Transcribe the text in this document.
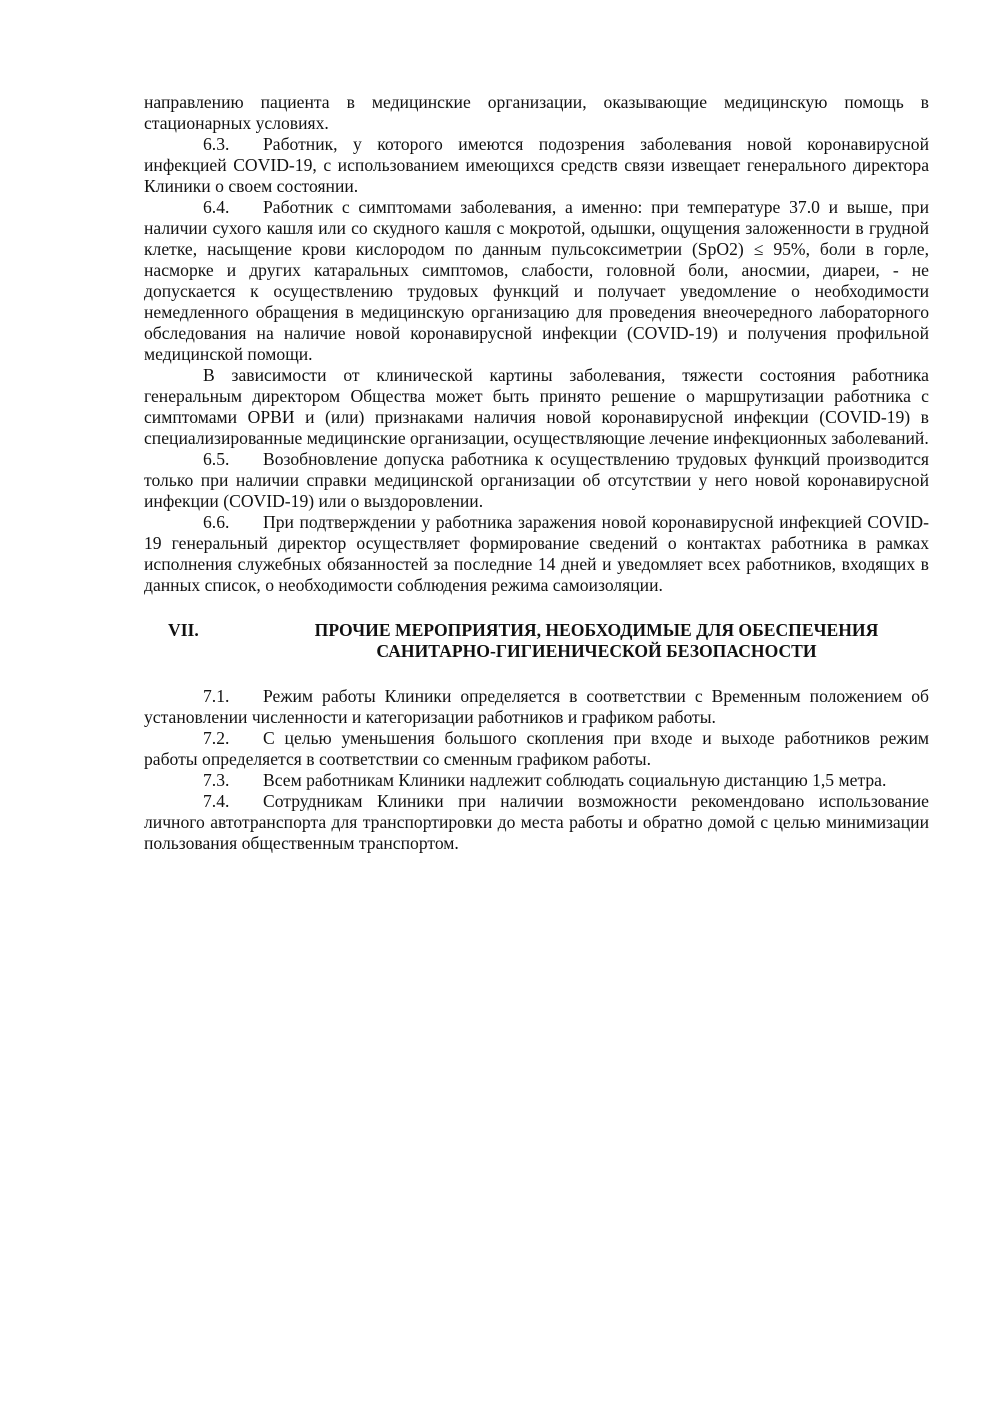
направлению пациента в медицинские организации, оказывающие медицинскую помощь в стационарных условиях.

6.3. Работник, у которого имеются подозрения заболевания новой коронавирусной инфекцией COVID-19, с использованием имеющихся средств связи извещает генерального директора Клиники о своем состоянии.

6.4. Работник с симптомами заболевания, а именно: при температуре 37.0 и выше, при наличии сухого кашля или со скудного кашля с мокротой, одышки, ощущения заложенности в грудной клетке, насыщение крови кислородом по данным пульсоксиметрии (SpO2) ≤ 95%, боли в горле, насморке и других катаральных симптомов, слабости, головной боли, аносмии, диареи, - не допускается к осуществлению трудовых функций и получает уведомление о необходимости немедленного обращения в медицинскую организацию для проведения внеочередного лабораторного обследования на наличие новой коронавирусной инфекции (COVID-19) и получения профильной медицинской помощи.

В зависимости от клинической картины заболевания, тяжести состояния работника генеральным директором Общества может быть принято решение о маршрутизации работника с симптомами ОРВИ и (или) признаками наличия новой коронавирусной инфекции (COVID-19) в специализированные медицинские организации, осуществляющие лечение инфекционных заболеваний.

6.5. Возобновление допуска работника к осуществлению трудовых функций производится только при наличии справки медицинской организации об отсутствии у него новой коронавирусной инфекции (COVID-19) или о выздоровлении.

6.6. При подтверждении у работника заражения новой коронавирусной инфекцией COVID-19 генеральный директор осуществляет формирование сведений о контактах работника в рамках исполнения служебных обязанностей за последние 14 дней и уведомляет всех работников, входящих в данных список, о необходимости соблюдения режима самоизоляции.

VII.	ПРОЧИЕ МЕРОПРИЯТИЯ, НЕОБХОДИМЫЕ ДЛЯ ОБЕСПЕЧЕНИЯ САНИТАРНО-ГИГИЕНИЧЕСКОЙ БЕЗОПАСНОСТИ

7.1. Режим работы Клиники определяется в соответствии с Временным положением об установлении численности и категоризации работников и графиком работы.

7.2. С целью уменьшения большого скопления при входе и выходе работников режим работы определяется в соответствии со сменным графиком работы.

7.3. Всем работникам Клиники надлежит соблюдать социальную дистанцию 1,5 метра.

7.4. Сотрудникам Клиники при наличии возможности рекомендовано использование личного автотранспорта для транспортировки до места работы и обратно домой с целью минимизации пользования общественным транспортом.
